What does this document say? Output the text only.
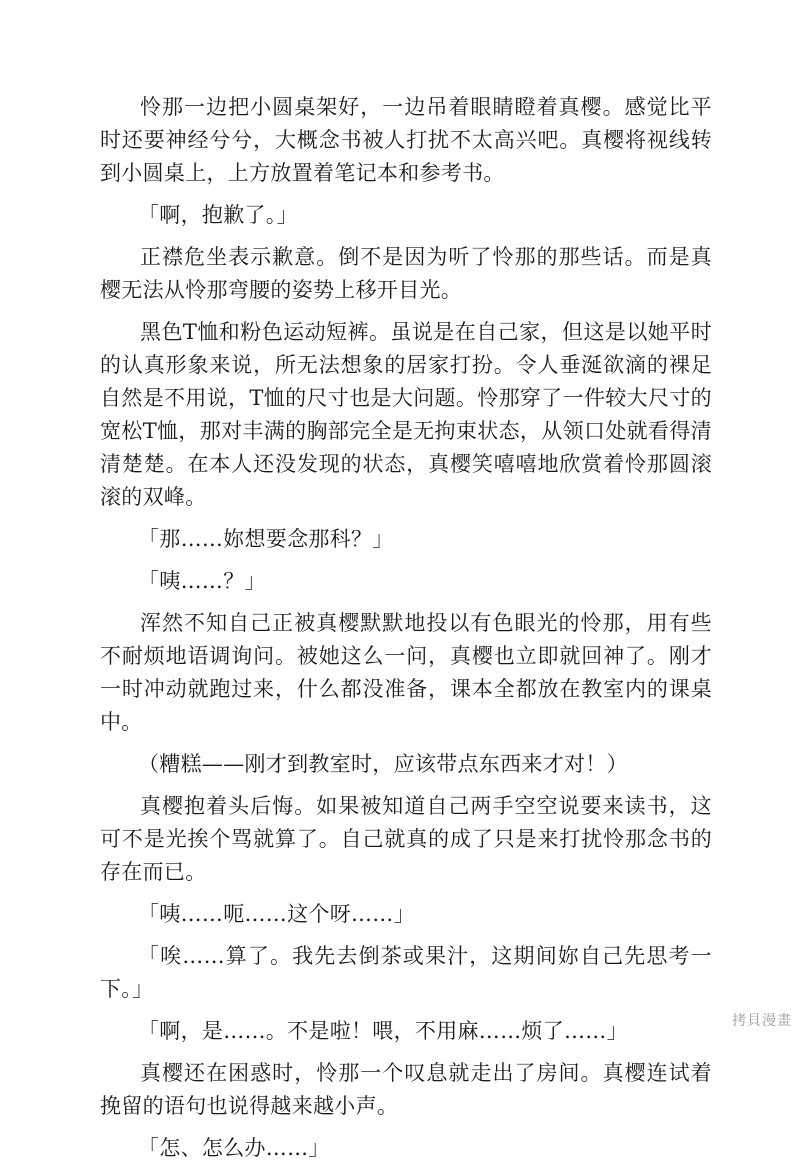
怜那一边把小圆桌架好，一边吊着眼睛瞪着真樱。感觉比平时还要神经兮兮，大概念书被人打扰不太高兴吧。真樱将视线转到小圆桌上，上方放置着笔记本和参考书。

「啊，抱歉了。」

正襟危坐表示歉意。倒不是因为听了怜那的那些话。而是真樱无法从怜那弯腰的姿势上移开目光。

黑色T恤和粉色运动短裤。虽说是在自己家，但这是以她平时的认真形象来说，所无法想象的居家打扮。令人垂涎欲滴的裸足自然是不用说，T恤的尺寸也是大问题。怜那穿了一件较大尺寸的宽松T恤，那对丰满的胸部完全是无拘束状态，从领口处就看得清清楚楚。在本人还没发现的状态，真樱笑嘻嘻地欣赏着怜那圆滚滚的双峰。

「那……妳想要念那科？」

「咦……？」

浑然不知自己正被真樱默默地投以有色眼光的怜那，用有些不耐烦地语调询问。被她这么一问，真樱也立即就回神了。刚才一时冲动就跑过来，什么都没准备，课本全都放在教室内的课桌中。

（糟糕——刚才到教室时，应该带点东西来才对！）

真樱抱着头后悔。如果被知道自己两手空空说要来读书，这可不是光挨个骂就算了。自己就真的成了只是来打扰怜那念书的存在而已。

「咦……呃……这个呀……」

「唉……算了。我先去倒茶或果汁，这期间妳自己先思考一下。」

「啊，是……。不是啦！喂，不用麻……烦了……」

真樱还在困惑时，怜那一个叹息就走出了房间。真樱连试着挽留的语句也说得越来越小声。

「怎、怎么办……」

拷貝漫畫
